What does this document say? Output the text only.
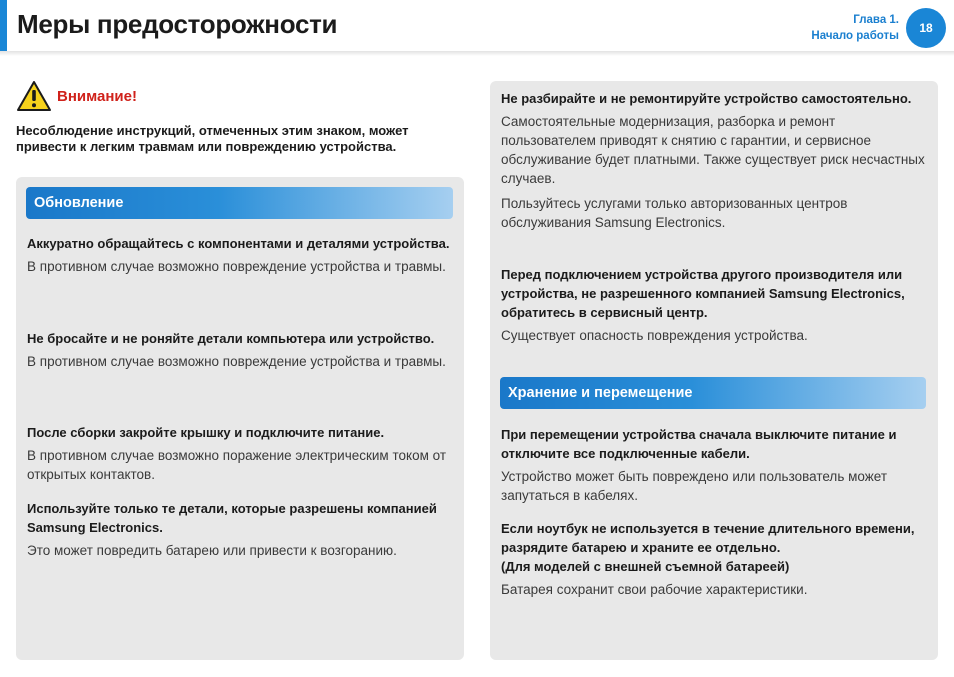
Меры предосторожности	Глава 1.
Начало работы
18
Внимание!
Несоблюдение инструкций, отмеченных этим знаком, может привести к легким травмам или повреждению устройства.
Обновление
Аккуратно обращайтесь с компонентами и деталями устройства.
В противном случае возможно повреждение устройства и травмы.
Не бросайте и не роняйте детали компьютера или устройство.
В противном случае возможно повреждение устройства и травмы.
После сборки закройте крышку и подключите питание.
В противном случае возможно поражение электрическим током от открытых контактов.
Используйте только те детали, которые разрешены компанией Samsung Electronics.
Это может повредить батарею или привести к возгоранию.
Не разбирайте и не ремонтируйте устройство самостоятельно.
Самостоятельные модернизация, разборка и ремонт пользователем приводят к снятию с гарантии, и сервисное обслуживание будет платными. Также существует риск несчастных случаев.
Пользуйтесь услугами только авторизованных центров обслуживания Samsung Electronics.
Перед подключением устройства другого производителя или устройства, не разрешенного компанией Samsung Electronics, обратитесь в сервисный центр.
Существует опасность повреждения устройства.
Хранение и перемещение
При перемещении устройства сначала выключите питание и отключите все подключенные кабели.
Устройство может быть повреждено или пользователь может запутаться в кабелях.
Если ноутбук не используется в течение длительного времени, разрядите батарею и храните ее отдельно.
(Для моделей с внешней съемной батареей)
Батарея сохранит свои рабочие характеристики.
